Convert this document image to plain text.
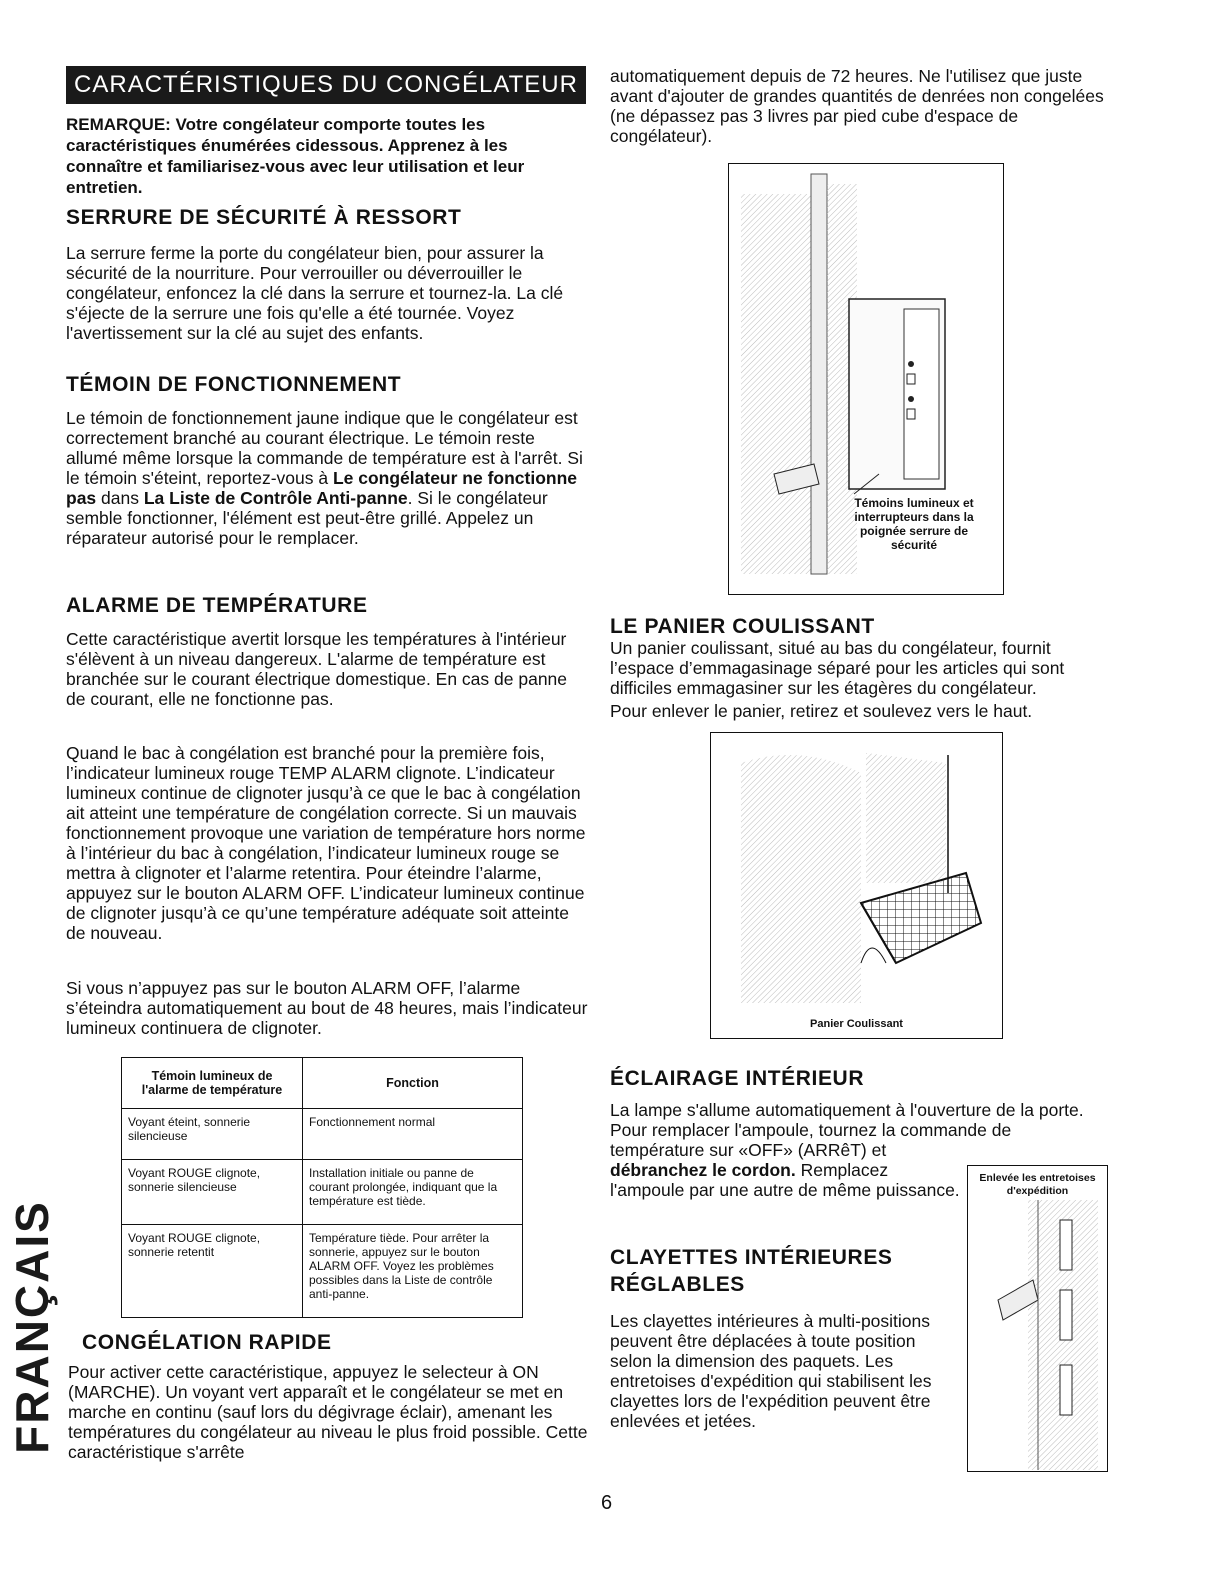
CARACTÉRISTIQUES DU CONGÉLATEUR

REMARQUE: Votre congélateur comporte toutes les caractéristiques énumérées cidessous. Apprenez à les connaître et familiarisez-vous avec leur utilisation et leur entretien.

SERRURE DE SÉCURITÉ À RESSORT

La serrure ferme la porte du congélateur bien, pour assurer la sécurité de la nourriture. Pour verrouiller ou déverrouiller le congélateur, enfoncez la clé dans la serrure et tournez-la. La clé s'éjecte de la serrure une fois qu'elle a été tournée. Voyez l'avertissement sur la clé au sujet des enfants.

TÉMOIN DE FONCTIONNEMENT

Le témoin de fonctionnement jaune indique que le congélateur est correctement branché au courant électrique. Le témoin reste allumé même lorsque la commande de température est à l'arrêt. Si le témoin s'éteint, reportez-vous à Le congélateur ne fonctionne pas dans La Liste de Contrôle Anti-panne. Si le congélateur semble fonctionner, l'élément est peut-être grillé. Appelez un réparateur autorisé pour le remplacer.

ALARME DE TEMPÉRATURE

Cette caractéristique avertit lorsque les températures à l'intérieur s'élèvent à un niveau dangereux. L'alarme de température est branchée sur le courant électrique domestique. En cas de panne de courant, elle ne fonctionne pas.

Quand le bac à congélation est branché pour la première fois, l’indicateur lumineux rouge TEMP ALARM clignote. L’indicateur lumineux continue de clignoter jusqu’à ce que le bac à congélation ait atteint une température de congélation correcte. Si un mauvais fonctionnement provoque une variation de température hors norme à l’intérieur du bac à congélation, l’indicateur lumineux rouge se mettra à clignoter et l’alarme retentira. Pour éteindre l’alarme, appuyez sur le bouton ALARM OFF. L’indicateur lumineux continue de clignoter jusqu’à ce qu’une température adéquate soit atteinte de nouveau.

Si vous n’appuyez pas sur le bouton ALARM OFF, l’alarme s’éteindra automatiquement au bout de 48 heures, mais l’indicateur lumineux continuera de clignoter.

Témoin lumineux de l'alarme de température	Fonction
Voyant éteint, sonnerie silencieuse	Fonctionnement normal
Voyant ROUGE clignote, sonnerie silencieuse	Installation initiale ou panne de courant prolongée, indiquant que la température est tiède.
Voyant ROUGE clignote, sonnerie retentit	Température tiède. Pour arrêter la sonnerie, appuyez sur le bouton ALARM OFF. Voyez les problèmes possibles dans la Liste de contrôle anti-panne.
FRANÇAIS CONGÉLATION RAPIDE

Pour activer cette caractéristique, appuyez le selecteur à ON (MARCHE). Un voyant vert apparaît et le congélateur se met en marche en continu (sauf lors du dégivrage éclair), amenant les températures du congélateur au niveau le plus froid possible. Cette caractéristique s'arrête

automatiquement depuis de 72 heures. Ne l'utilisez que juste avant d'ajouter de grandes quantités de denrées non congelées (ne dépassez pas 3 livres par pied cube d'espace de congélateur).

Témoins lumineux et interrupteurs dans la poignée serrure de sécurité
LE PANIER COULISSANT

Un panier coulissant, situé au bas du congélateur, fournit l’espace d’emmagasinage séparé pour les articles qui sont difficiles emmagasiner sur les étagères du congélateur.

Pour enlever le panier, retirez et soulevez vers le haut.

Panier Coulissant
ÉCLAIRAGE INTÉRIEUR

La lampe s'allume automatiquement à l'ouverture de la porte. Pour remplacer l'ampoule, tournez la commande de température sur «OFF» (ARRêT) et

débranchez le cordon. Remplacez l'ampoule par une autre de même puissance.

CLAYETTES INTÉRIEURES
RÉGLABLES

Les clayettes intérieures à multi-positions peuvent être déplacées à toute position selon la dimension des paquets. Les entretoises d'expédition qui stabilisent les clayettes lors de l'expédition peuvent être enlevées et jetées.

Enlevée les entretoises d'expédition
6
